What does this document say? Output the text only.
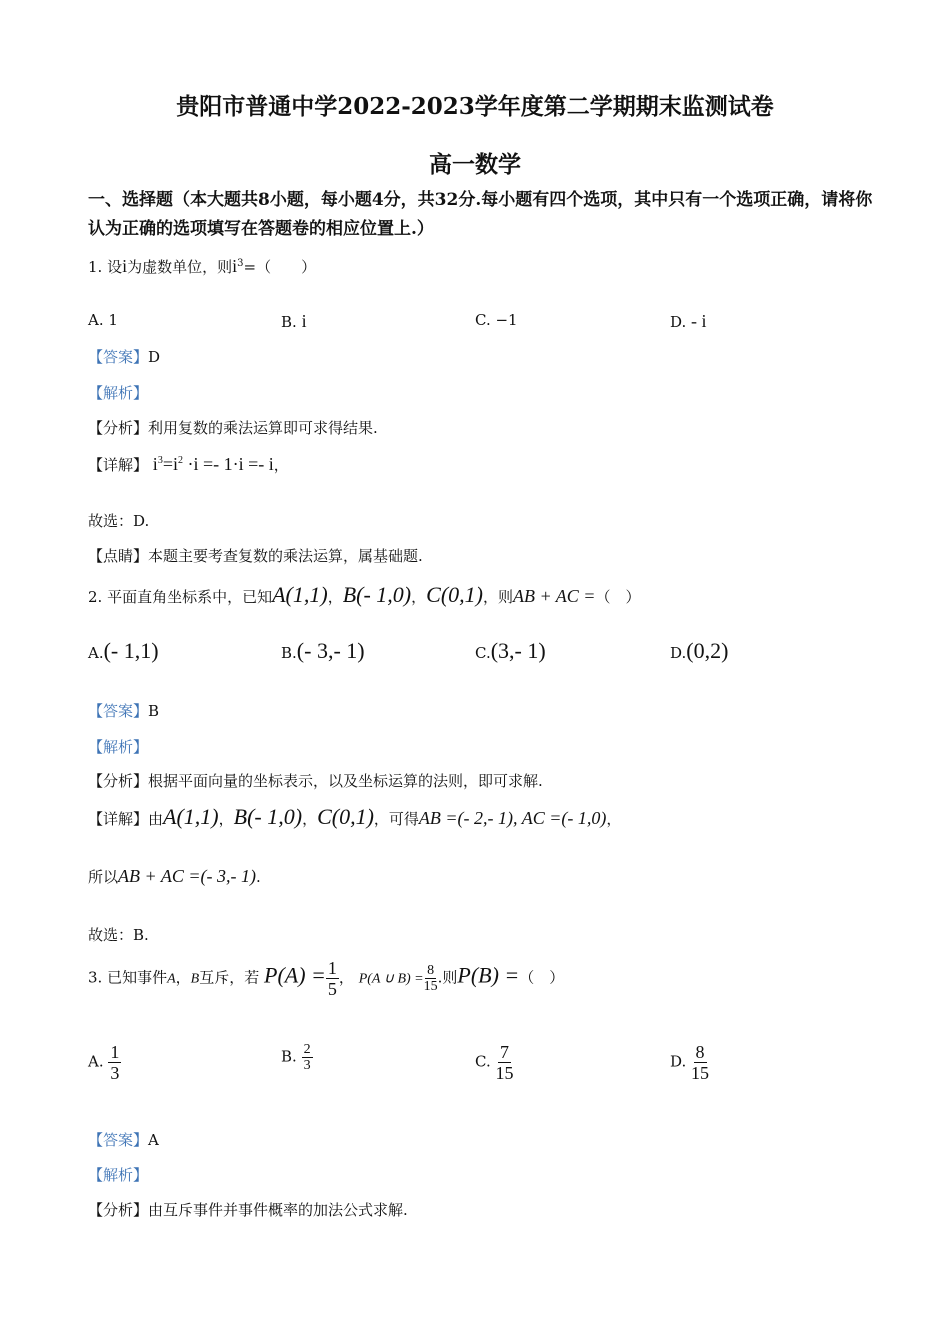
贵阳市普通中学2022-2023学年度第二学期期末监测试卷
高一数学
一、选择题（本大题共8小题，每小题4分，共32分.每小题有四个选项，其中只有一个选项正确，请将你认为正确的选项填写在答题卷的相应位置上.）
1. 设i为虚数单位，则$i^3=$（　　）
A. 1	B. i	C. −1	D. - i
【答案】D
【解析】
【分析】利用复数的乘法运算即可求得结果.
【详解】 $i^3=i^2 \cdot i =- 1\cdot i =- i$，
故选：D.
【点睛】本题主要考查复数的乘法运算，属基础题.
2. 平面直角坐标系中，已知A(1,1)，B(- 1,0)，C(0,1)，则AB + AC =（　）
A.(- 1,1)	B.(- 3,- 1)	C.(3,- 1)	D.(0,2)
【答案】B
【解析】
【分析】根据平面向量的坐标表示，以及坐标运算的法则，即可求解.
【详解】由A(1,1)，B(- 1,0)，C(0,1)，可得AB =(- 2,- 1), AC =(- 1,0)，
所以AB + AC =(- 3,- 1).
故选：B.
3. 已知事件A，B互斥，若 $P(A) = \frac{1}{5}$ ， P(A ∪ $B) = \frac{8}{15}$ .则P(B) =（　）
A. $\frac{1}{3}$	B. $\frac{2}{3}$	C. $\frac{7}{15}$	D. $\frac{8}{15}$
【答案】A
【解析】
【分析】由互斥事件并事件概率的加法公式求解.
